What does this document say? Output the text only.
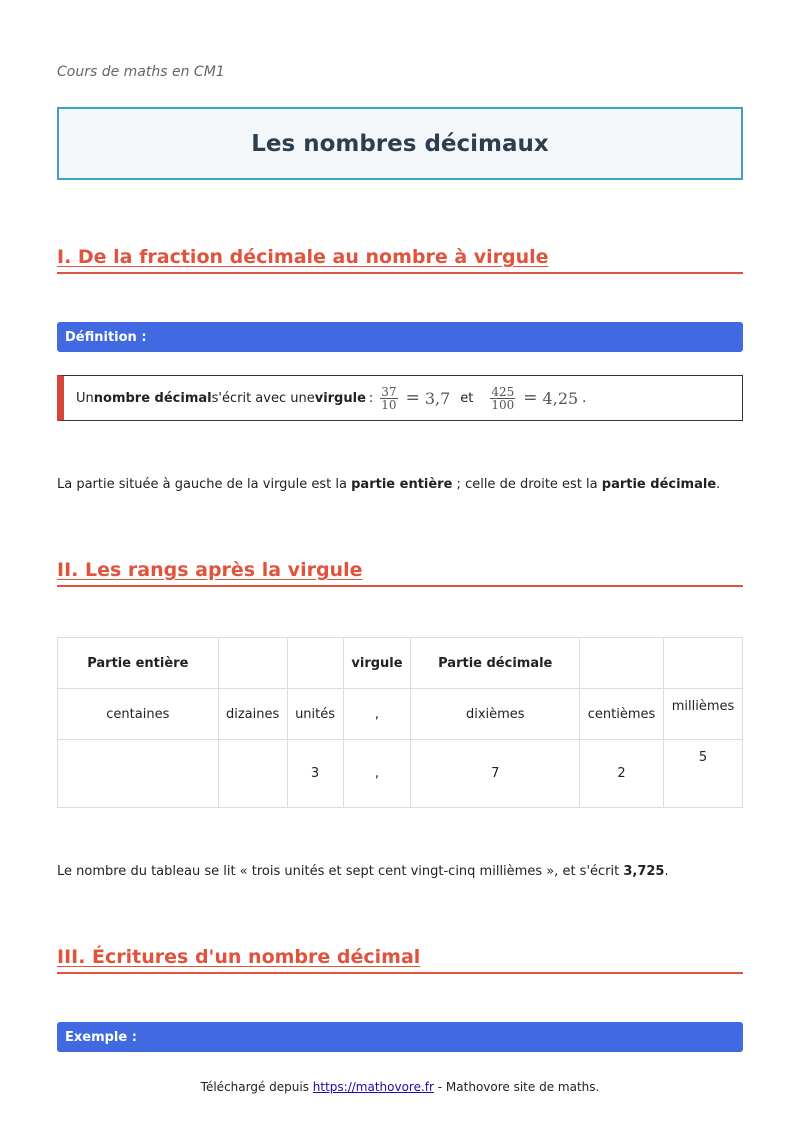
Cours de maths en CM1
Les nombres décimaux
I. De la fraction décimale au nombre à virgule
Définition :
Un nombre décimal s'écrit avec une virgule : $\frac{37}{10} = 3,7$ et $\frac{425}{100} = 4,25$ .
La partie située à gauche de la virgule est la partie entière ; celle de droite est la partie décimale.
II. Les rangs après la virgule
Partie entière			virgule	Partie décimale		
centaines	dizaines	unités	,	dixièmes	centièmes	millièmes
		3	,	7	2	5
Le nombre du tableau se lit « trois unités et sept cent vingt-cinq millièmes », et s'écrit 3,725.
III. Écritures d'un nombre décimal
Exemple :
Téléchargé depuis https://mathovore.fr - Mathovore site de maths.
